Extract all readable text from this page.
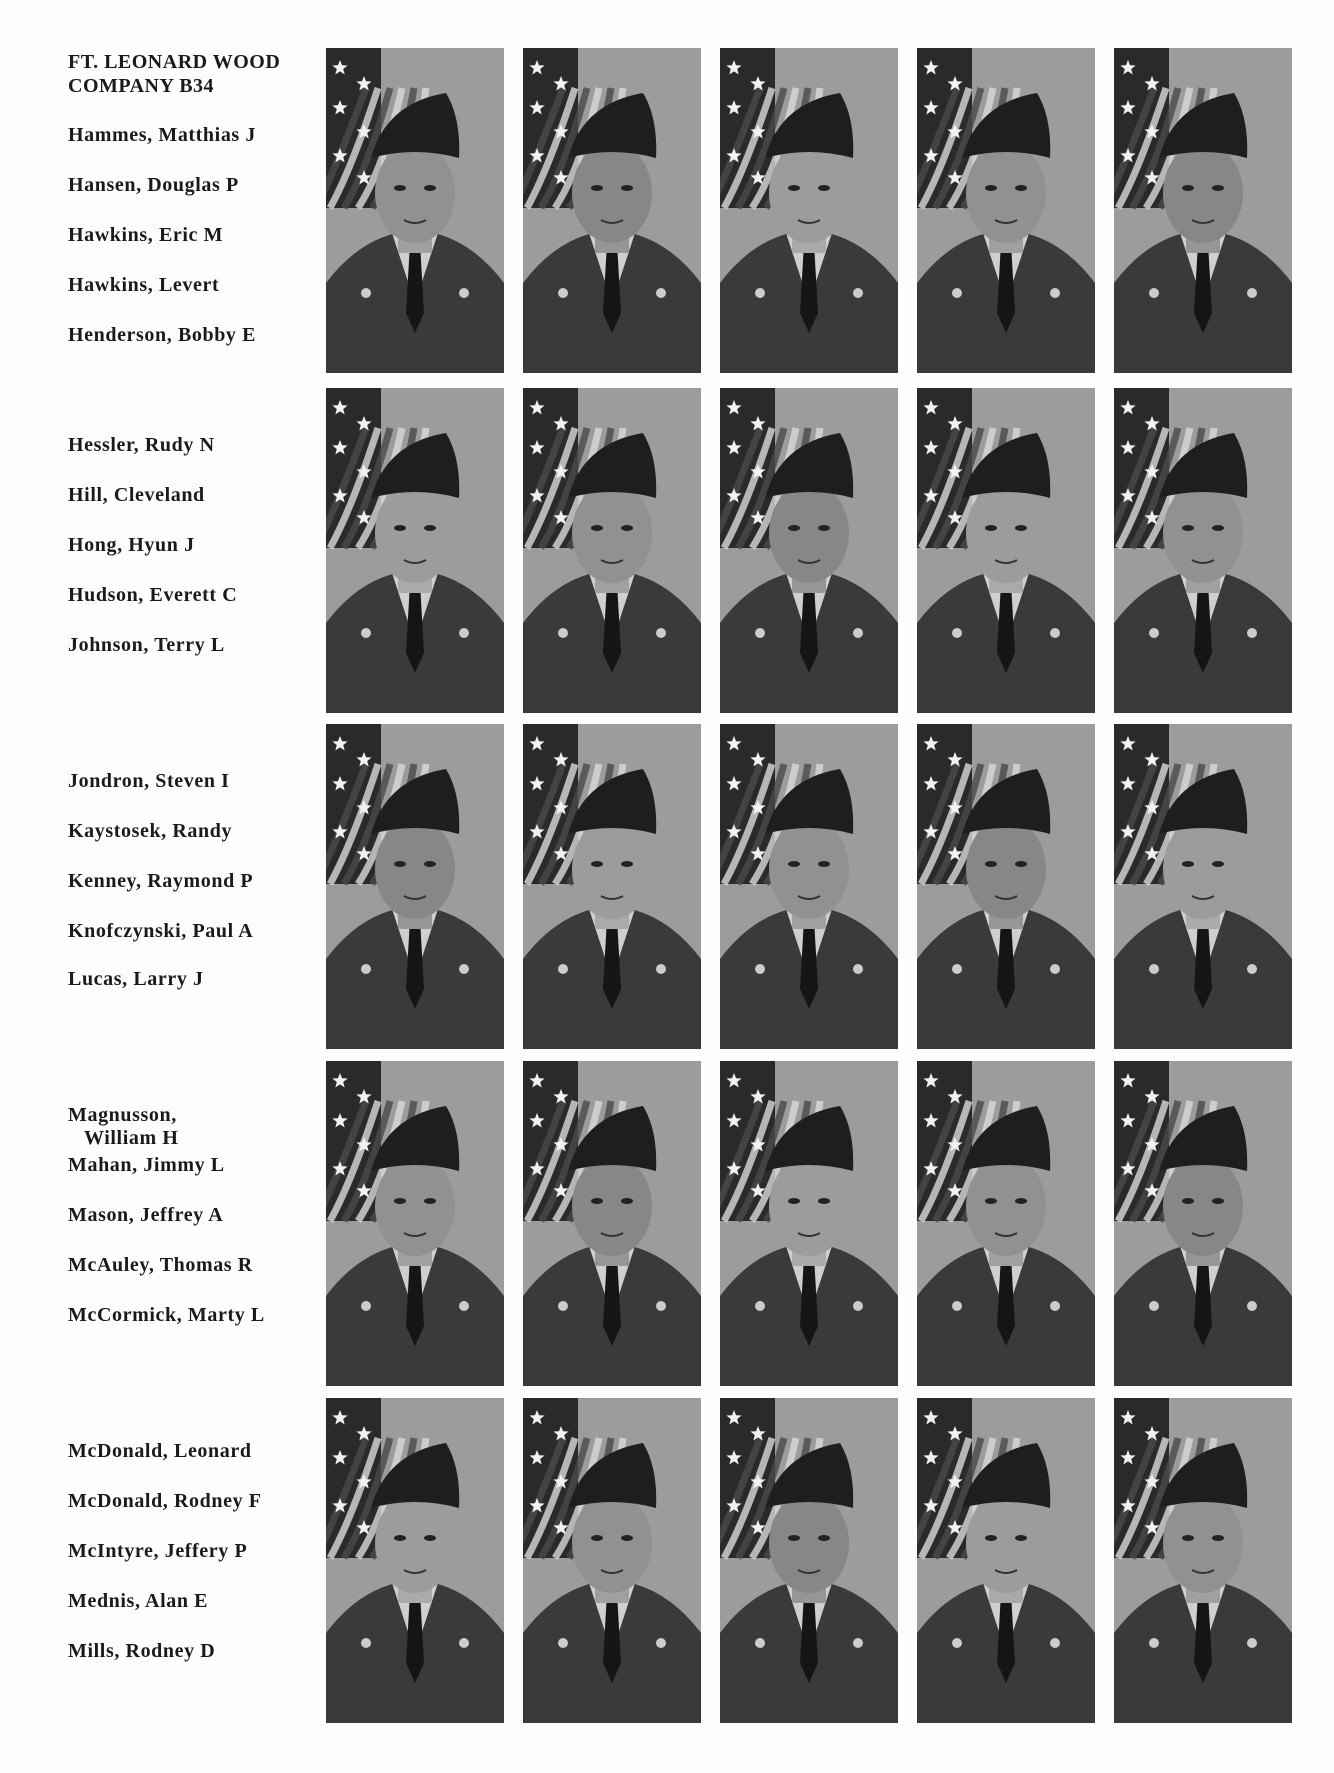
FT. LEONARD WOOD
COMPANY B34
Hammes, Matthias J
Hansen, Douglas P
Hawkins, Eric M
Hawkins, Levert
Henderson, Bobby E
Hessler, Rudy N
Hill, Cleveland
Hong, Hyun J
Hudson, Everett C
Johnson, Terry L
Jondron, Steven I
Kaystosek, Randy
Kenney, Raymond P
Knofczynski, Paul A
Lucas, Larry J
Magnusson,
William H
Mahan, Jimmy L
Mason, Jeffrey A
McAuley, Thomas R
McCormick, Marty L
McDonald, Leonard
McDonald, Rodney F
McIntyre, Jeffery P
Mednis, Alan E
Mills, Rodney D
